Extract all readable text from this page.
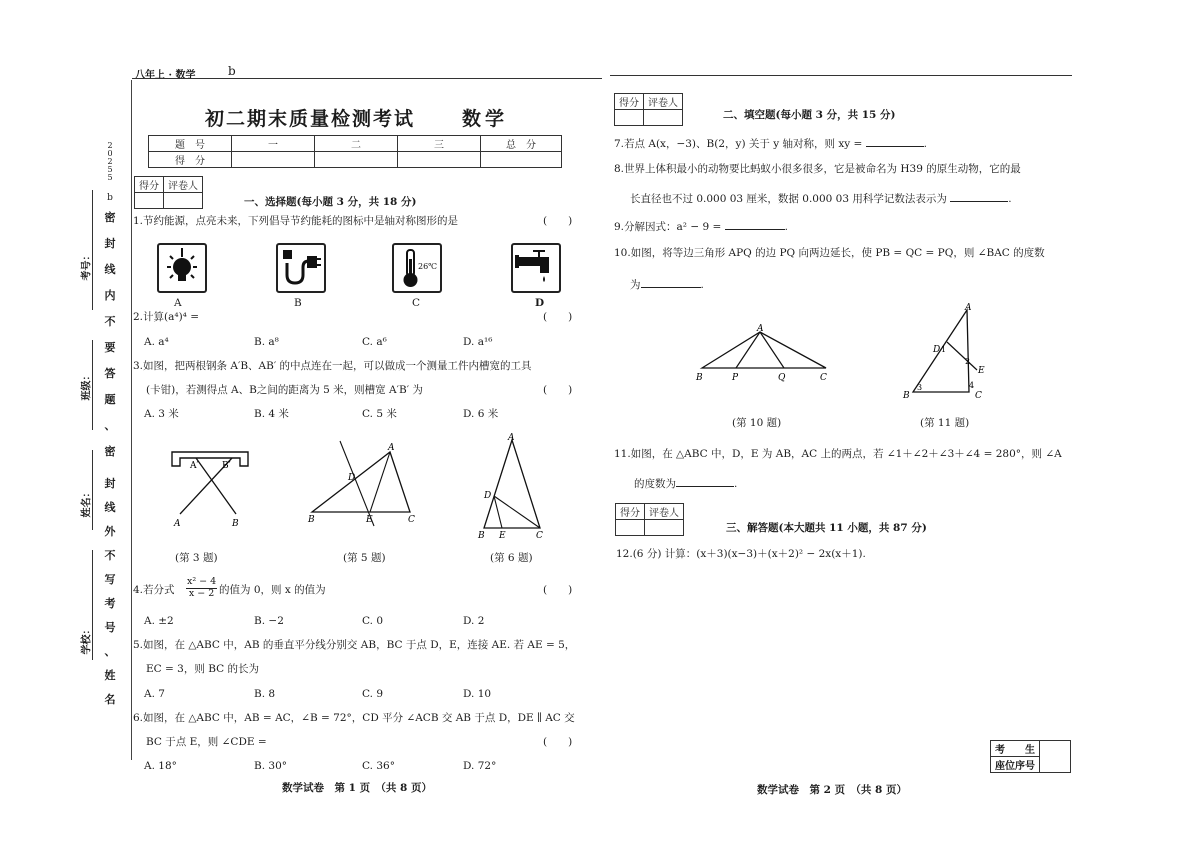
八年上 · 数学	b
2
0
2
5
5
b
密
封
线
内
不
要
答
题
、
密
封
线
外
不
写
考
号
、
姓
名
考号：
班级：
姓名：
学校：
初二期末质量检测考试 数学
题　号	一	二	三	总　分
得　分				
得分	评卷人

一、选择题(每小题 3 分，共 18 分)
1.节约能源，点亮未来，下列倡导节约能耗的图标中是轴对称图形的是	(　　)
26℃
A	B	C	D
2.计算(a⁴)⁴ =	(　　)
A. a⁴	B. a⁸	C. a⁶	D. a¹⁶
3.如图，把两根钢条 A′B、AB′ 的中点连在一起，可以做成一个测量工件内槽宽的工具
(卡钳)，若测得点 A、B之间的距离为 5 米，则槽宽 A′B′ 为	(　　)
A. 3 米	B. 4 米	C. 5 米	D. 6 米
A′	B′
A	B
A
D
B	E	C
A
D
B E	C
(第 3 题)	(第 5 题)	(第 6 题)
4.若分式 $\frac{\text{x² − 4}}{x - 2}$ 的值为 0，则 x 的值为	(　　)
A. ±2	B. −2	C. 0	D. 2
5.如图，在 △ABC 中，AB 的垂直平分线分别交 AB，BC 于点 D，E，连接 AE. 若 AE = 5，
EC = 3，则 BC 的长为
A. 7	B. 8	C. 9	D. 10
6.如图，在 △ABC 中，AB = AC，∠B = 72°，CD 平分 ∠ACB 交 AB 于点 D，DE ∥ AC 交
BC 于点 E，则 ∠CDE =	(　　)
A. 18°	B. 30°	C. 36°	D. 72°
数学试卷　第 1 页　（共 8 页）
得分	评卷人

二、填空题(每小题 3 分，共 15 分)
7.若点 A(x，−3)、B(2，y) 关于 y 轴对称，则 xy =	.
8.世界上体积最小的动物要比蚂蚁小很多很多，它是被命名为 H39 的原生动物，它的最
长直径也不过 0.000 03 厘米，数据 0.000 03 用科学记数法表示为	.
9.分解因式：a² − 9 =	.
10.如图，将等边三角形 APQ 的边 PQ 向两边延长，使 PB = QC = PQ，则 ∠BAC 的度数
为	.
A
B	P	Q	C
A
D 1
2
E
B
3	4
C
(第 10 题)	(第 11 题)
11.如图，在 △ABC 中，D，E 为 AB，AC 上的两点，若 ∠1＋∠2＋∠3＋∠4 = 280°，则 ∠A
的度数为	.
得分	评卷人

三、解答题(本大题共 11 小题，共 87 分)
12.(6 分) 计算：(x＋3)(x−3)＋(x＋2)² − 2x(x＋1).
考　　生	
座位序号
数学试卷　第 2 页　（共 8 页）
